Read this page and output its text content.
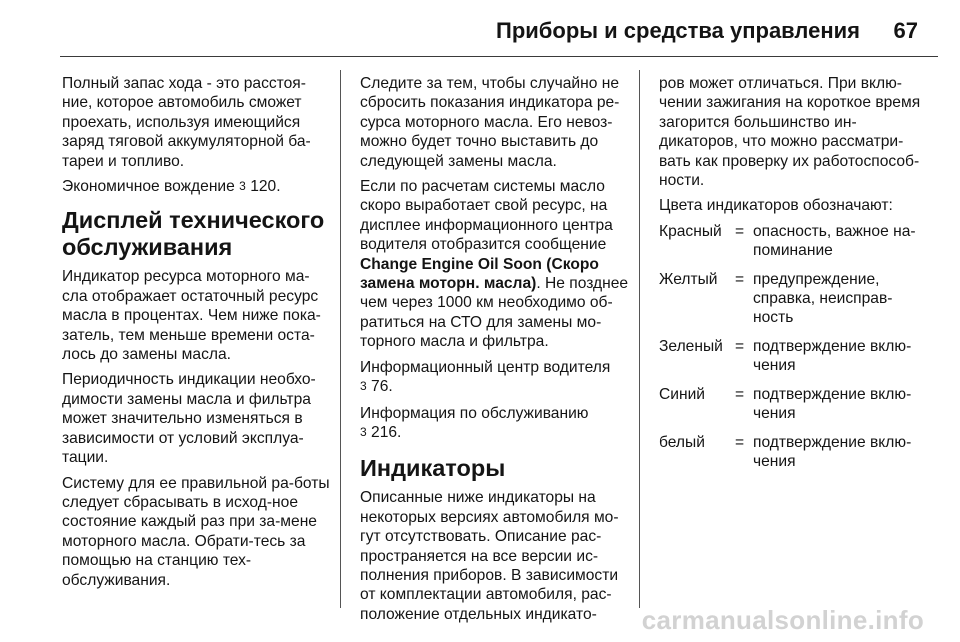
Приборы и средства управления 67

Полный запас хода - это расстоя-ние, которое автомобиль сможет проехать, используя имеющийся заряд тяговой аккумуляторной ба-тареи и топливо.

Экономичное вождение 3 120.

Дисплей технического обслуживания

Индикатор ресурса моторного ма-сла отображает остаточный ресурс масла в процентах. Чем ниже пока-затель, тем меньше времени оста-лось до замены масла.

Периодичность индикации необхо-димости замены масла и фильтра может значительно изменяться в зависимости от условий эксплуа-тации.

Систему для ее правильной ра-боты следует сбрасывать в исход-ное состояние каждый раз при за-мене моторного масла. Обрати-тесь за помощью на станцию тех-обслуживания.

Следите за тем, чтобы случайно не сбросить показания индикатора ре-сурса моторного масла. Его невоз-можно будет точно выставить до следующей замены масла.

Если по расчетам системы масло скоро выработает свой ресурс, на дисплее информационного центра водителя отобразится сообщение Change Engine Oil Soon (Скоро замена моторн. масла). Не позднее чем через 1000 км необходимо об-ратиться на СТО для замены мо-торного масла и фильтра.

Информационный центр водителя
3 76.

Информация по обслуживанию
3 216.

Индикаторы

Описанные ниже индикаторы на некоторых версиях автомобиля мо-гут отсутствовать. Описание рас-пространяется на все версии ис-полнения приборов. В зависимости от комплектации автомобиля, рас-положение отдельных индикато-

ров может отличаться. При вклю-чении зажигания на короткое время загорится большинство ин-дикаторов, что можно рассматри-вать как проверку их работоспособ-ности.

Цвета индикаторов обозначают:

Красный = опасность, важное на-поминание
Желтый	= предупреждение, справка, неисправ-ность
Зеленый = подтверждение вклю-чения
Синий	= подтверждение вклю-чения
белый	= подтверждение вклю-чения
carmanualsonline.info
